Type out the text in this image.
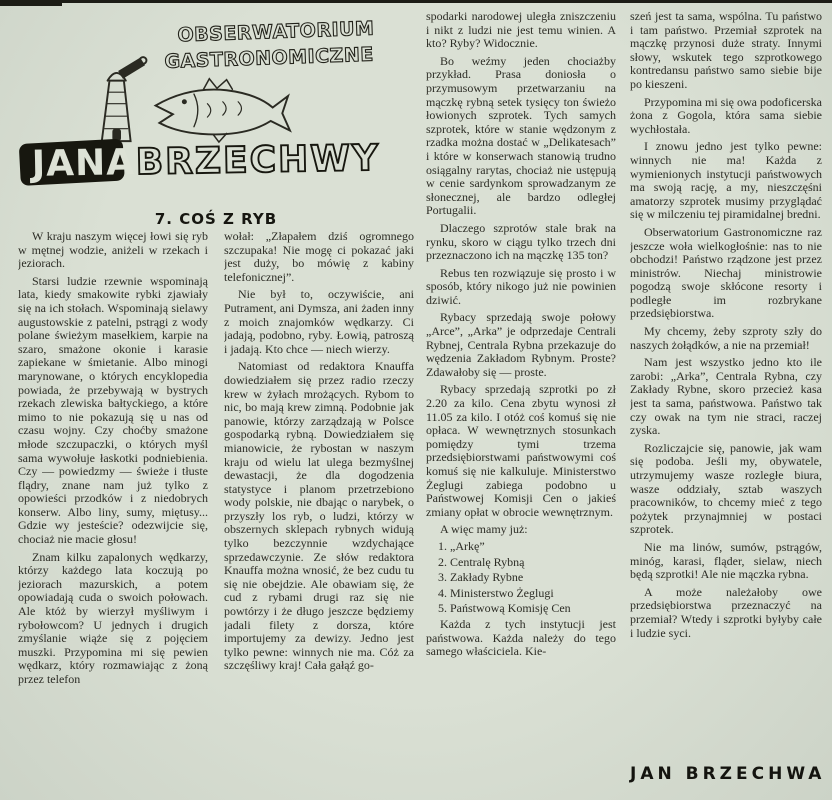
OBSERWATORIUM
GASTRONOMICZNE
JANA BRZECHWY
7. COŚ Z RYB

W kraju naszym więcej łowi się ryb w mętnej wodzie, aniżeli w rzekach i jeziorach.

Starsi ludzie rzewnie wspominają lata, kiedy smakowite rybki zjawiały się na ich stołach. Wspominają sielawy augustowskie z patelni, pstrągi z wody polane świeżym masełkiem, karpie na szaro, smażone okonie i karasie zapiekane w śmietanie. Albo minogi marynowane, o których encyklopedia powiada, że przebywają w bystrych rzekach zlewiska bałtyckiego, a które mimo to nie pokazują się u nas od czasu wojny. Czy choćby smażone młode szczupaczki, o których myśl sama wywołuje łaskotki podniebienia. Czy — powiedzmy — świeże i tłuste flądry, znane nam już tylko z opowieści przodków i z niedobrych konserw. Albo liny, sumy, miętusy... Gdzie wy jesteście? odezwijcie się, chociaż nie macie głosu!

Znam kilku zapalonych wędkarzy, którzy każdego lata koczują po jeziorach mazurskich, a potem opowiadają cuda o swoich połowach. Ale któż by wierzył myśliwym i rybołowcom? U jednych i drugich zmyślanie wiąże się z pojęciem muszki. Przypomina mi się pewien wędkarz, który rozmawiając z żoną przez telefon

wołał: „Złapałem dziś ogromnego szczupaka! Nie mogę ci pokazać jaki jest duży, bo mówię z kabiny telefonicznej”.

Nie był to, oczywiście, ani Putrament, ani Dymsza, ani żaden inny z moich znajomków wędkarzy. Ci jadają, podobno, ryby. Łowią, patroszą i jadają. Kto chce — niech wierzy.

Natomiast od redaktora Knauffa dowiedziałem się przez radio rzeczy krew w żyłach mrożących. Rybom to nic, bo mają krew zimną. Podobnie jak panowie, którzy zarządzają w Polsce gospodarką rybną. Dowiedziałem się mianowicie, że rybostan w naszym kraju od wielu lat ulega bezmyślnej dewastacji, że dla dogodzenia statystyce i planom przetrzebiono wody polskie, nie dbając o narybek, o przyszły los ryb, o ludzi, którzy w obszernych sklepach rybnych widują tylko bezczynnie wzdychające sprzedawczynie. Ze słów redaktora Knauffa można wnosić, że bez cudu tu się nie obejdzie. Ale obawiam się, że cud z rybami drugi raz się nie powtórzy i że długo jeszcze będziemy jadali filety z dorsza, które importujemy za dewizy. Jedno jest tylko pewne: winnych nie ma. Cóż za szczęśliwy kraj! Cała gałąź go-

spodarki narodowej uległa zniszczeniu i nikt z ludzi nie jest temu winien. A kto? Ryby? Widocznie.

Bo weźmy jeden chociażby przykład. Prasa doniosła o przymusowym przetwarzaniu na mączkę rybną setek tysięcy ton świeżo łowionych szprotek. Tych samych szprotek, które w stanie wędzonym z rzadka można dostać w „Delikatesach” i które w konserwach stanowią trudno osiągalny rarytas, chociaż nie ustępują w cenie sardynkom sprowadzanym ze słonecznej, ale bardzo odległej Portugalii.

Dlaczego szprotów stale brak na rynku, skoro w ciągu tylko trzech dni przeznaczono ich na mączkę 135 ton?

Rebus ten rozwiązuje się prosto i w sposób, który nikogo już nie powinien dziwić.

Rybacy sprzedają swoje połowy „Arce”, „Arka” je odprzedaje Centrali Rybnej, Centrala Rybna przekazuje do wędzenia Zakładom Rybnym. Proste? Zdawałoby się — proste.

Rybacy sprzedają szprotki po zł 2.20 za kilo. Cena zbytu wynosi zł 11.05 za kilo. I otóż coś komuś się nie opłaca. W wewnętrznych stosunkach pomiędzy tymi trzema przedsiębiorstwami państwowymi coś komuś się nie kalkuluje. Ministerstwo Żeglugi zabiega podobno u Państwowej Komisji Cen o jakieś zmiany opłat w obrocie wewnętrznym.

A więc mamy już:

1. „Arkę”

2. Centralę Rybną

3. Zakłady Rybne

4. Ministerstwo Żeglugi

5. Państwową Komisję Cen

Każda z tych instytucji jest państwowa. Każda należy do tego samego właściciela. Kie-

szeń jest ta sama, wspólna. Tu państwo i tam państwo. Przemiał szprotek na mączkę przynosi duże straty. Innymi słowy, wskutek tego szprotkowego kontredansu państwo samo siebie bije po kieszeni.

Przypomina mi się owa podoficerska żona z Gogola, która sama siebie wychłostała.

I znowu jedno jest tylko pewne: winnych nie ma! Każda z wymienionych instytucji państwowych ma swoją rację, a my, nieszczęśni amatorzy szprotek musimy przyglądać się w milczeniu tej piramidalnej bredni.

Obserwatorium Gastronomiczne raz jeszcze woła wielkogłośnie: nas to nie obchodzi! Państwo rządzone jest przez ministrów. Niechaj ministrowie pogodzą swoje skłócone resorty i podległe im rozbrykane przedsiębiorstwa.

My chcemy, żeby szproty szły do naszych żołądków, a nie na przemiał!

Nam jest wszystko jedno kto ile zarobi: „Arka”, Centrala Rybna, czy Zakłady Rybne, skoro przecież kasa jest ta sama, państwowa. Państwo tak czy owak na tym nie straci, raczej zyska.

Rozliczajcie się, panowie, jak wam się podoba. Jeśli my, obywatele, utrzymujemy wasze rozległe biura, wasze oddziały, sztab waszych pracowników, to chcemy mieć z tego pożytek przynajmniej w postaci szprotek.

Nie ma linów, sumów, pstrągów, minóg, karasi, fląder, sielaw, niech będą szprotki! Ale nie mączka rybna.

A może należałoby owe przedsiębiorstwa przeznaczyć na przemiał? Wtedy i szprotki byłyby całe i ludzie syci.

JAN BRZECHWA
